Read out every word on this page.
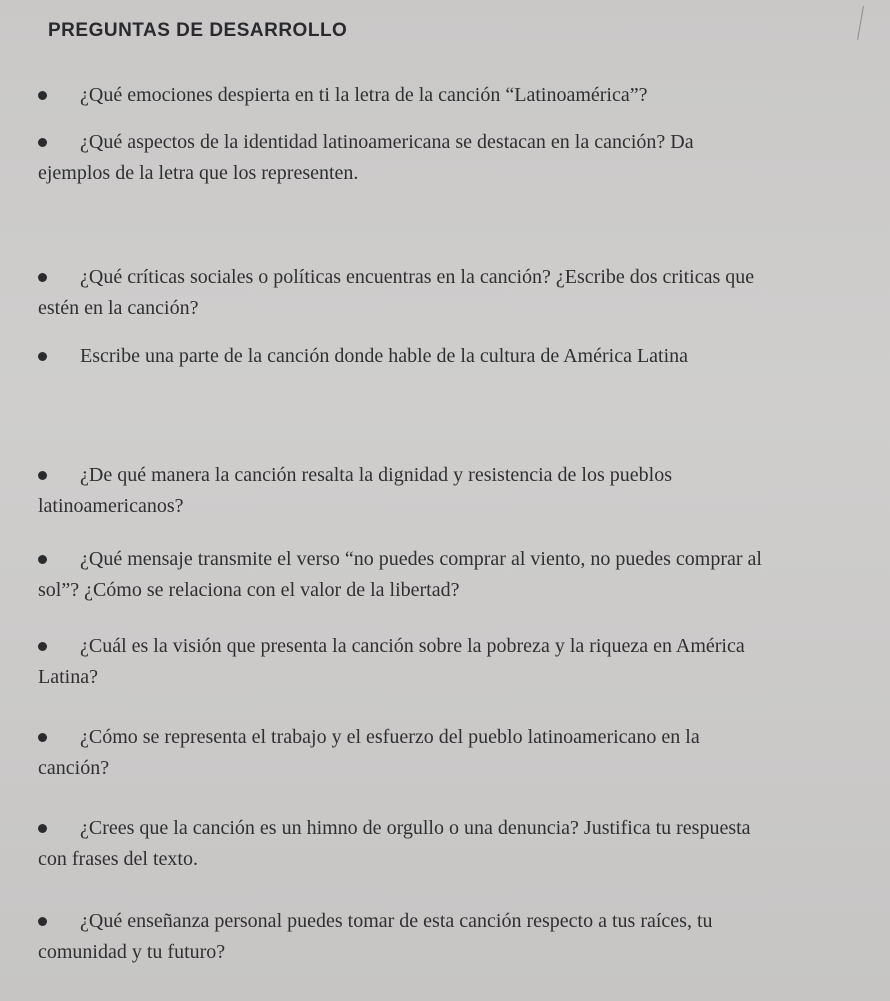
PREGUNTAS DE DESARROLLO
¿Qué emociones despierta en ti la letra de la canción “Latinoamérica”?
¿Qué aspectos de la identidad latinoamericana se destacan en la canción? Da
ejemplos de la letra que los representen.
¿Qué críticas sociales o políticas encuentras en la canción? ¿Escribe dos criticas que
estén en la canción?
Escribe una parte de la canción donde hable de la cultura de América Latina
¿De qué manera la canción resalta la dignidad y resistencia de los pueblos
latinoamericanos?
¿Qué mensaje transmite el verso “no puedes comprar al viento, no puedes comprar al
sol”? ¿Cómo se relaciona con el valor de la libertad?
¿Cuál es la visión que presenta la canción sobre la pobreza y la riqueza en América
Latina?
¿Cómo se representa el trabajo y el esfuerzo del pueblo latinoamericano en la
canción?
¿Crees que la canción es un himno de orgullo o una denuncia? Justifica tu respuesta
con frases del texto.
¿Qué enseñanza personal puedes tomar de esta canción respecto a tus raíces, tu
comunidad y tu futuro?
